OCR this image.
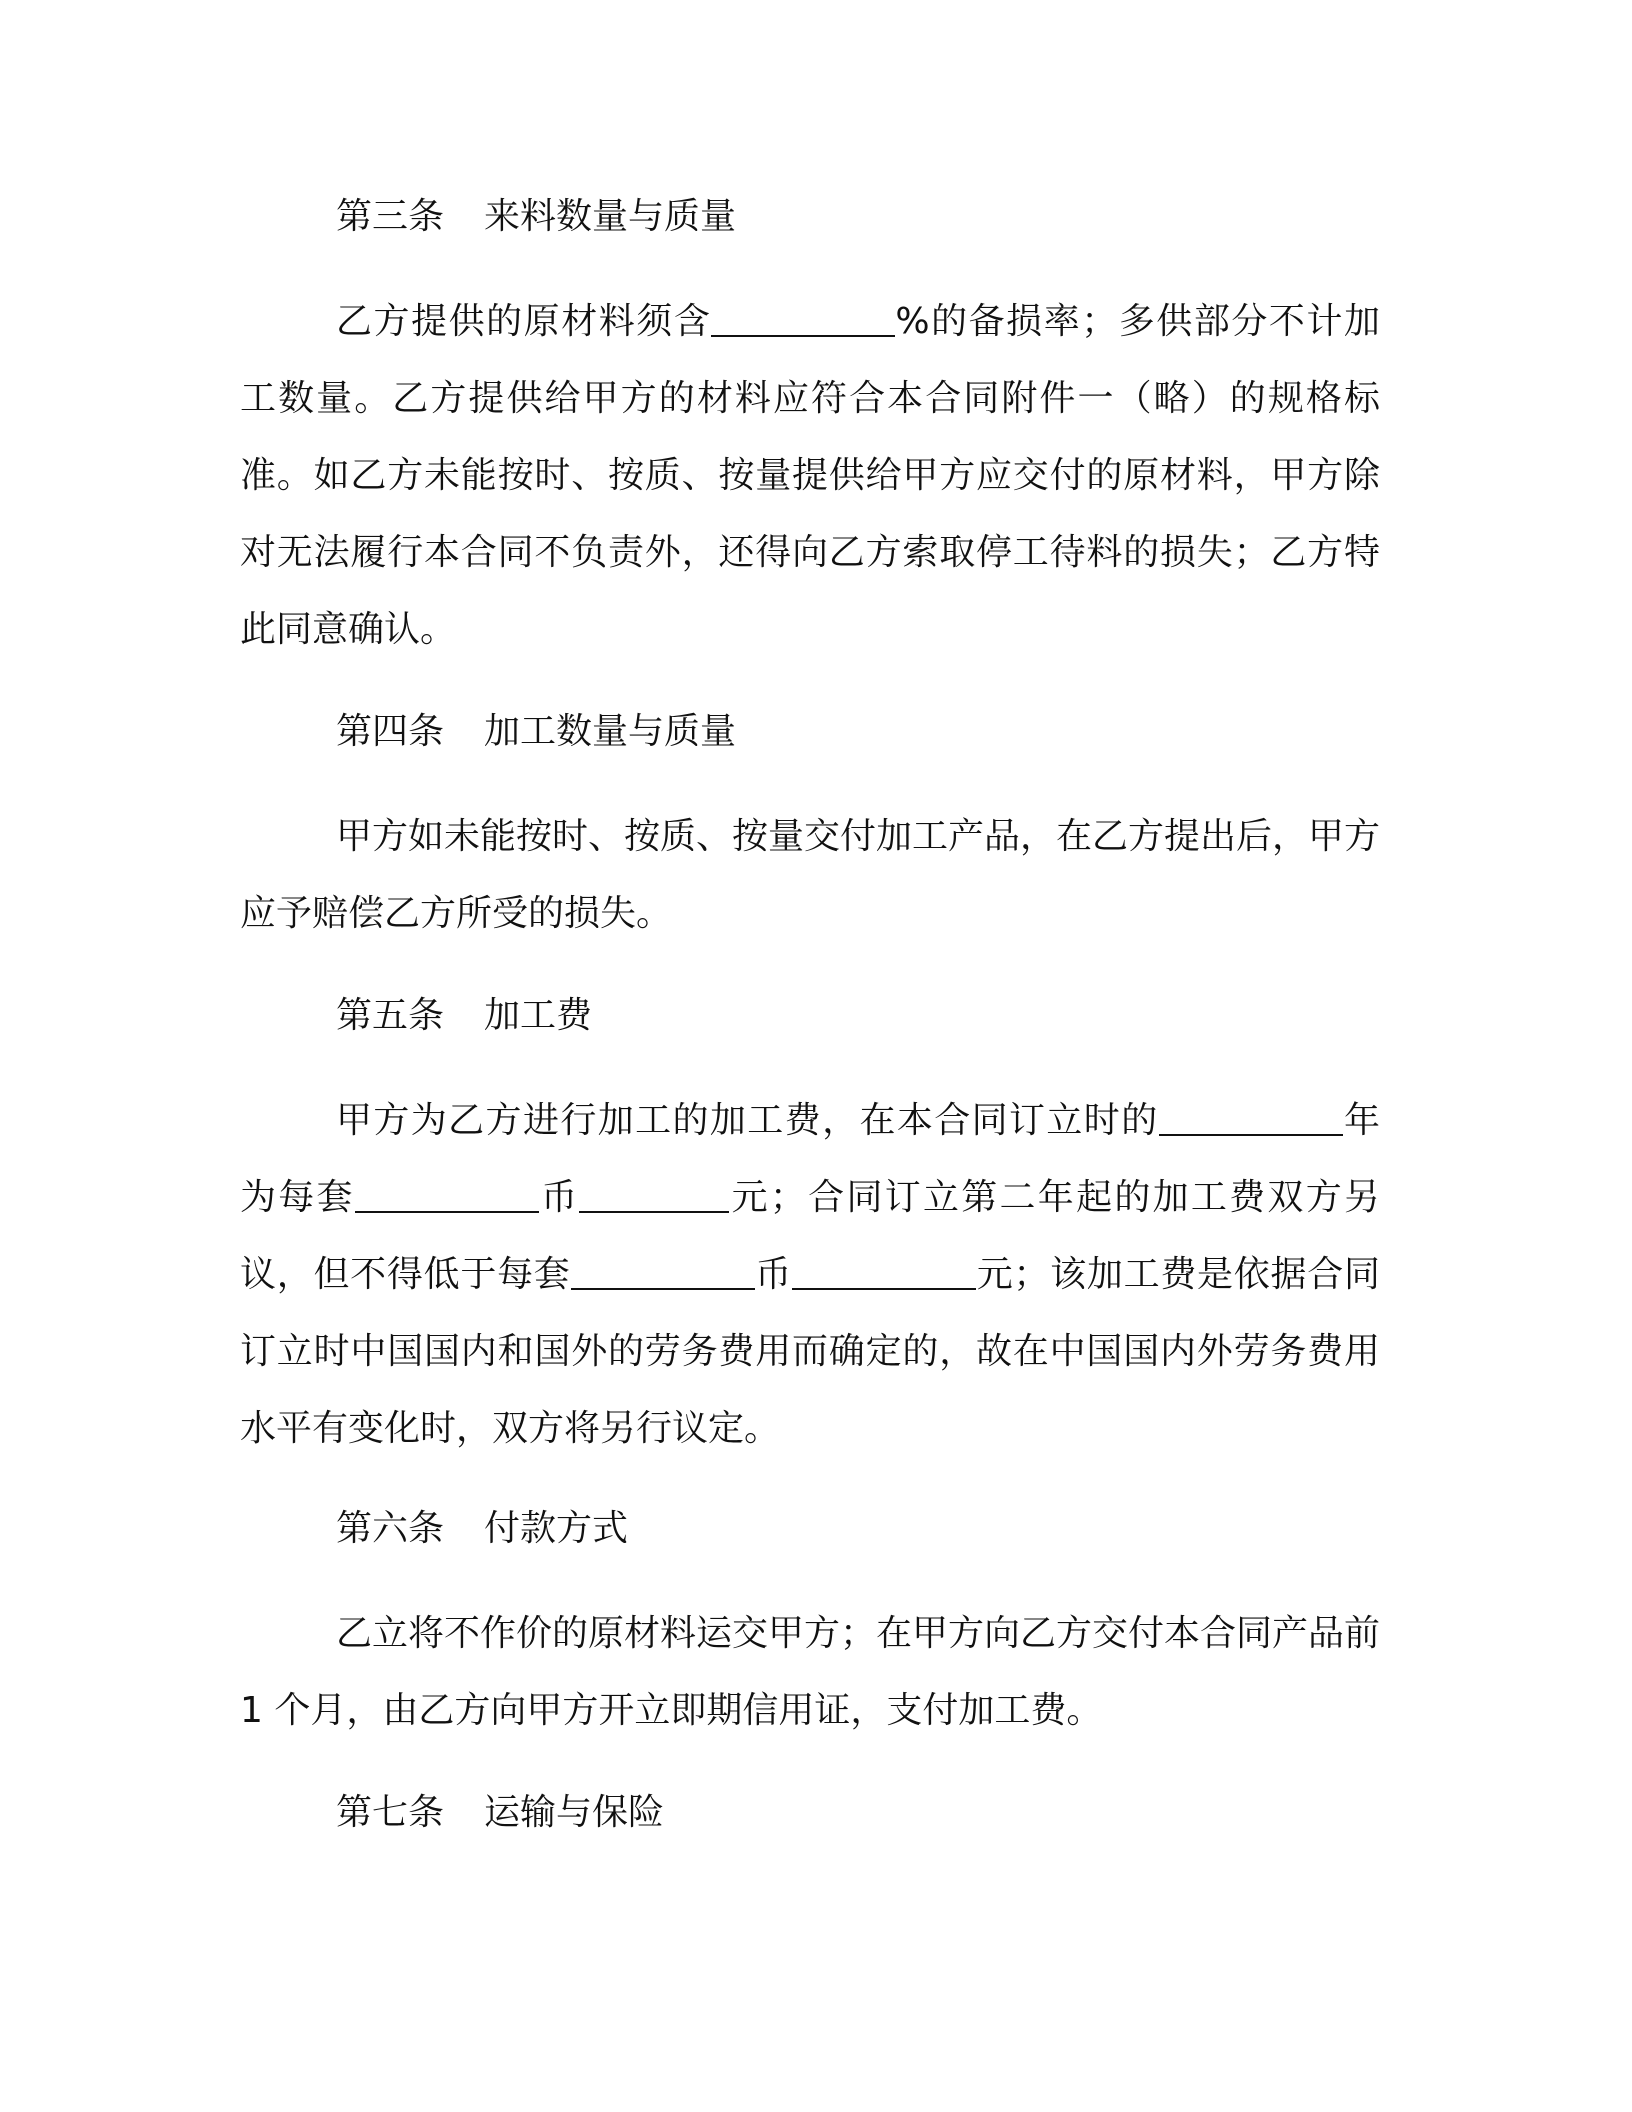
第三条 来料数量与质量

乙方提供的原材料须含	%的备损率；多供部分不计加工数量。乙方提供给甲方的材料应符合本合同附件一（略）的规格标准。如乙方未能按时、按质、按量提供给甲方应交付的原材料，甲方除对无法履行本合同不负责外，还得向乙方索取停工待料的损失；乙方特此同意确认。

第四条 加工数量与质量

甲方如未能按时、按质、按量交付加工产品，在乙方提出后，甲方应予赔偿乙方所受的损失。

第五条 加工费

甲方为乙方进行加工的加工费，在本合同订立时的	年为每套	币	元；合同订立第二年起的加工费双方另议，但不得低于每套	币	元；该加工费是依据合同订立时中国国内和国外的劳务费用而确定的，故在中国国内外劳务费用水平有变化时，双方将另行议定。

第六条 付款方式

乙立将不作价的原材料运交甲方；在甲方向乙方交付本合同产品前 1 个月，由乙方向甲方开立即期信用证，支付加工费。

第七条 运输与保险
